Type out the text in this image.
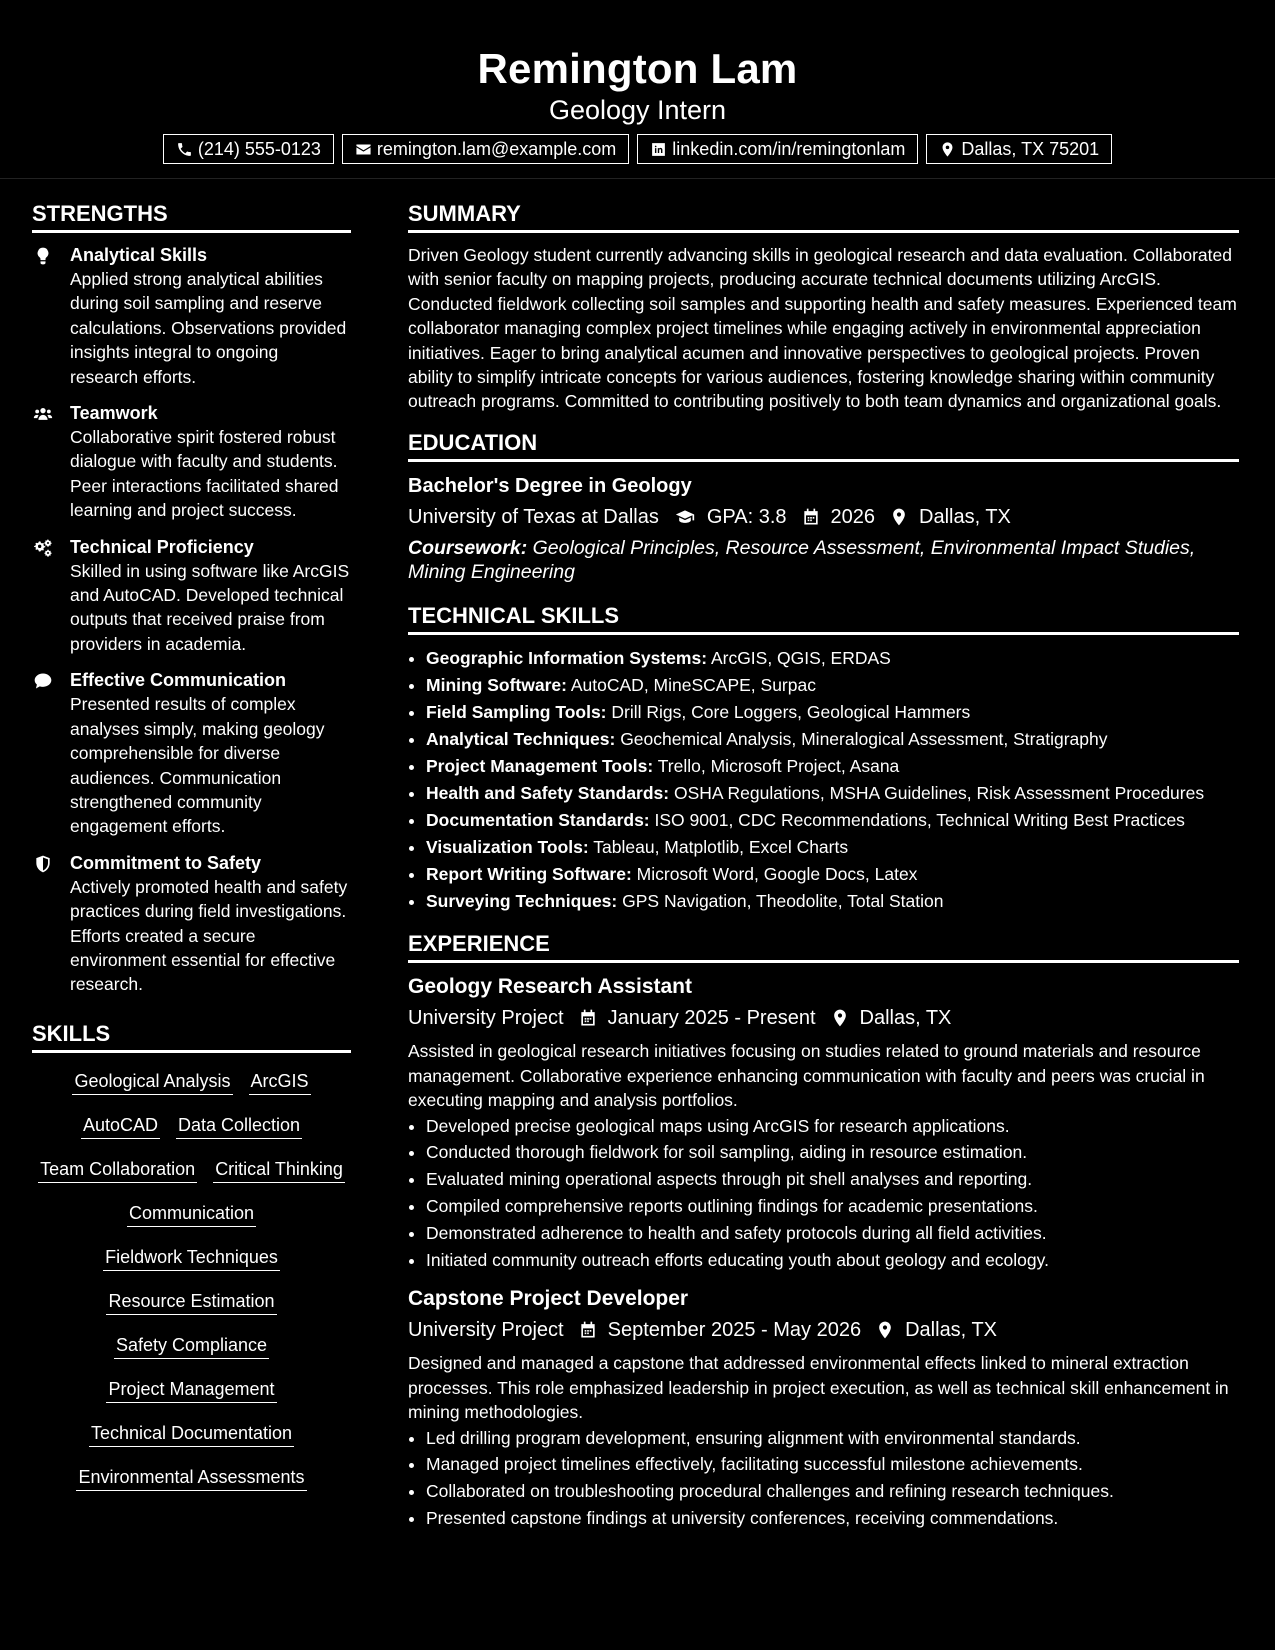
Remington Lam
Geology Intern
(214) 555-0123	remington.lam@example.com	linkedin.com/in/remingtonlam	Dallas, TX 75201
STRENGTHS
Analytical Skills
Applied strong analytical abilities during soil sampling and reserve calculations. Observations provided insights integral to ongoing research efforts.
Teamwork
Collaborative spirit fostered robust dialogue with faculty and students. Peer interactions facilitated shared learning and project success.
Technical Proficiency
Skilled in using software like ArcGIS and AutoCAD. Developed technical outputs that received praise from providers in academia.
Effective Communication
Presented results of complex analyses simply, making geology comprehensible for diverse audiences. Communication strengthened community engagement efforts.
Commitment to Safety
Actively promoted health and safety practices during field investigations. Efforts created a secure environment essential for effective research.
SKILLS
Geological Analysis ArcGIS
AutoCAD Data Collection
Team Collaboration Critical Thinking
Communication
Fieldwork Techniques
Resource Estimation
Safety Compliance
Project Management
Technical Documentation
Environmental Assessments
SUMMARY
Driven Geology student currently advancing skills in geological research and data evaluation. Collaborated with senior faculty on mapping projects, producing accurate technical documents utilizing ArcGIS. Conducted fieldwork collecting soil samples and supporting health and safety measures. Experienced team collaborator managing complex project timelines while engaging actively in environmental appreciation initiatives. Eager to bring analytical acumen and innovative perspectives to geological projects. Proven ability to simplify intricate concepts for various audiences, fostering knowledge sharing within community outreach programs. Committed to contributing positively to both team dynamics and organizational goals.
EDUCATION
Bachelor's Degree in Geology
University of Texas at Dallas GPA: 3.8 2026 Dallas, TX
Coursework: Geological Principles, Resource Assessment, Environmental Impact Studies, Mining Engineering
TECHNICAL SKILLS
• Geographic Information Systems: ArcGIS, QGIS, ERDAS
• Mining Software: AutoCAD, MineSCAPE, Surpac
• Field Sampling Tools: Drill Rigs, Core Loggers, Geological Hammers
• Analytical Techniques: Geochemical Analysis, Mineralogical Assessment, Stratigraphy
• Project Management Tools: Trello, Microsoft Project, Asana
• Health and Safety Standards: OSHA Regulations, MSHA Guidelines, Risk Assessment Procedures
• Documentation Standards: ISO 9001, CDC Recommendations, Technical Writing Best Practices
• Visualization Tools: Tableau, Matplotlib, Excel Charts
• Report Writing Software: Microsoft Word, Google Docs, Latex
• Surveying Techniques: GPS Navigation, Theodolite, Total Station
EXPERIENCE
Geology Research Assistant
University Project January 2025 - Present Dallas, TX
Assisted in geological research initiatives focusing on studies related to ground materials and resource management. Collaborative experience enhancing communication with faculty and peers was crucial in executing mapping and analysis portfolios.
• Developed precise geological maps using ArcGIS for research applications.
• Conducted thorough fieldwork for soil sampling, aiding in resource estimation.
• Evaluated mining operational aspects through pit shell analyses and reporting.
• Compiled comprehensive reports outlining findings for academic presentations.
• Demonstrated adherence to health and safety protocols during all field activities.
• Initiated community outreach efforts educating youth about geology and ecology.
Capstone Project Developer
University Project September 2025 - May 2026 Dallas, TX
Designed and managed a capstone that addressed environmental effects linked to mineral extraction processes. This role emphasized leadership in project execution, as well as technical skill enhancement in mining methodologies.
• Led drilling program development, ensuring alignment with environmental standards.
• Managed project timelines effectively, facilitating successful milestone achievements.
• Collaborated on troubleshooting procedural challenges and refining research techniques.
• Presented capstone findings at university conferences, receiving commendations.
